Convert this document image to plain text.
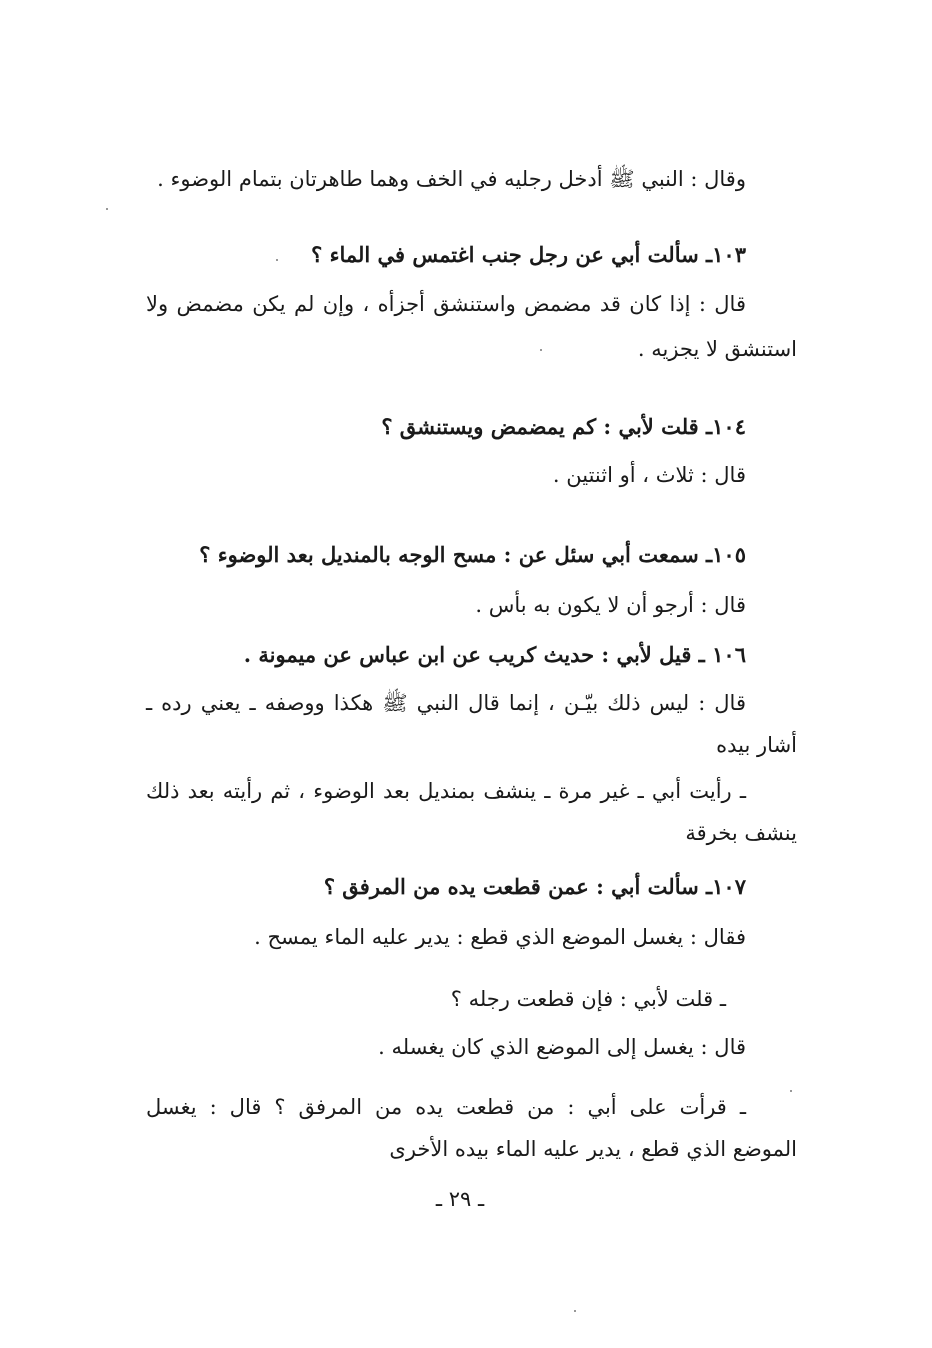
وقال : النبي ﷺ أدخل رجليه في الخف وهما طاهرتان بتمام الوضوء .
١٠٣ـ سألت أبي عن رجل جنب اغتمس في الماء ؟
قال : إذا كان قد مضمض واستنشق أجزأه ، وإن لم يكن مضمض ولا
استنشق لا يجزيه .
١٠٤ـ قلت لأبي : كم يمضمض ويستنشق ؟
قال : ثلاث ، أو اثنتين .
١٠٥ـ سمعت أبي سئل عن : مسح الوجه بالمنديل بعد الوضوء ؟
قال : أرجو أن لا يكون به بأس .
١٠٦ ـ قيل لأبي : حديث كريب عن ابن عباس عن ميمونة .
قال : ليس ذلك بيّـن ، إنما قال النبي ﷺ هكذا ووصفه ـ يعني رده ـ
أشار بيده
ـ رأيت أبي ـ غير مرة ـ ينشف بمنديل بعد الوضوء ، ثم رأيته بعد ذلك
ينشف بخرقة
١٠٧ـ سألت أبي : عمن قطعت يده من المرفق ؟
فقال : يغسل الموضع الذي قطع : يدير عليه الماء يمسح .
ـ قلت لأبي : فإن قطعت رجله ؟
قال : يغسل إلى الموضع الذي كان يغسله .
ـ قرأت على أبي : من قطعت يده من المرفق ؟ قال : يغسل
الموضع الذي قطع ، يدير عليه الماء بيده الأخرى
ـ ٢٩ ـ
